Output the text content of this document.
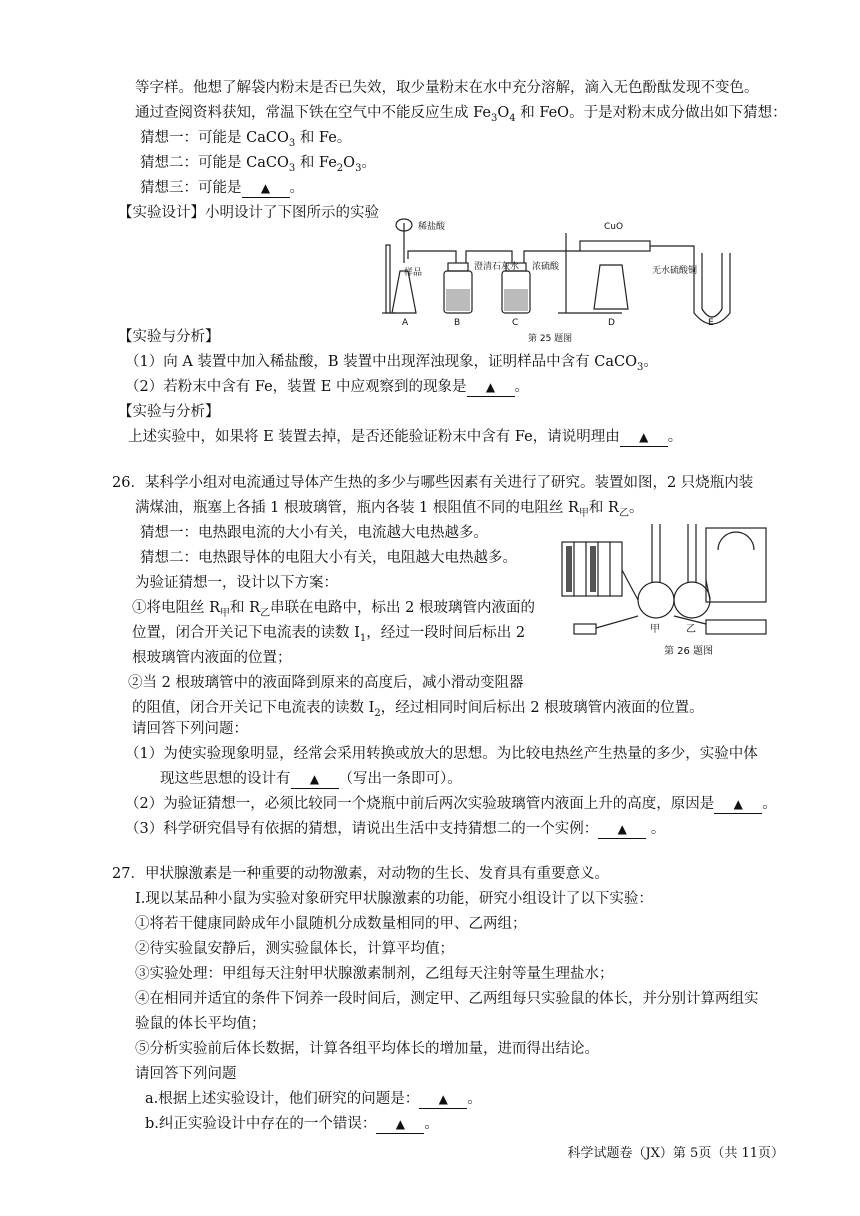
等字样。他想了解袋内粉末是否已失效，取少量粉末在水中充分溶解，滴入无色酚酞发现不变色。
通过查阅资料获知，常温下铁在空气中不能反应生成 $Fe_3O_4$ 和 FeO。于是对粉末成分做出如下猜想：
猜想一：可能是 CaCO$_3$ 和 Fe。
猜想二：可能是 CaCO$_3$ 和 $Fe_2O_3$。
猜想三：可能是 ▲ 。
【实验设计】小明设计了下图所示的实验
稀盐酸
样品
澄清石灰水 浓硫酸
CuO
无水硫酸铜
A	B	C	D	E
第 25 题图
【实验与分析】
（1）向 A 装置中加入稀盐酸，B 装置中出现浑浊现象，证明样品中含有 CaCO$_3$。
（2）若粉末中含有 Fe，装置 E 中应观察到的现象是 ▲ 。
【实验与分析】
上述实验中，如果将 E 装置去掉，是否还能验证粉末中含有 Fe，请说明理由 ▲ 。
26．某科学小组对电流通过导体产生热的多少与哪些因素有关进行了研究。装置如图，2 只烧瓶内装
满煤油，瓶塞上各插 1 根玻璃管，瓶内各装 1 根阻值不同的电阻丝 $R_甲$和 $R_乙$。
猜想一：电热跟电流的大小有关，电流越大电热越多。
猜想二：电热跟导体的电阻大小有关，电阻越大电热越多。
为验证猜想一，设计以下方案：
①将电阻丝 $R_甲$和 $R_乙$串联在电路中，标出 2 根玻璃管内液面的
位置，闭合开关记下电流表的读数 $I_1$，经过一段时间后标出 2
根玻璃管内液面的位置；
②当 2 根玻璃管中的液面降到原来的高度后，减小滑动变阻器
的阻值，闭合开关记下电流表的读数 $I_2$，经过相同时间后标出 2 根玻璃管内液面的位置。
甲	乙
第 26 题图
请回答下列问题：
（1）为使实验现象明显，经常会采用转换或放大的思想。为比较电热丝产生热量的多少，实验中体
现这些思想的设计有 ▲ （写出一条即可）。
（2）为验证猜想一，必须比较同一个烧瓶中前后两次实验玻璃管内液面上升的高度，原因是 ▲ 。
（3）科学研究倡导有依据的猜想，请说出生活中支持猜想二的一个实例： ▲ 。
27．甲状腺激素是一种重要的动物激素，对动物的生长、发育具有重要意义。
Ⅰ.现以某品种小鼠为实验对象研究甲状腺激素的功能，研究小组设计了以下实验：
①将若干健康同龄成年小鼠随机分成数量相同的甲、乙两组；
②待实验鼠安静后，测实验鼠体长，计算平均值；
③实验处理：甲组每天注射甲状腺激素制剂，乙组每天注射等量生理盐水；
④在相同并适宜的条件下饲养一段时间后，测定甲、乙两组每只实验鼠的体长，并分别计算两组实
验鼠的体长平均值；
⑤分析实验前后体长数据，计算各组平均体长的增加量，进而得出结论。
请回答下列问题
a.根据上述实验设计，他们研究的问题是： ▲ 。
b.纠正实验设计中存在的一个错误： ▲ 。
科学试题卷（JX）第 5页（共 11页）
